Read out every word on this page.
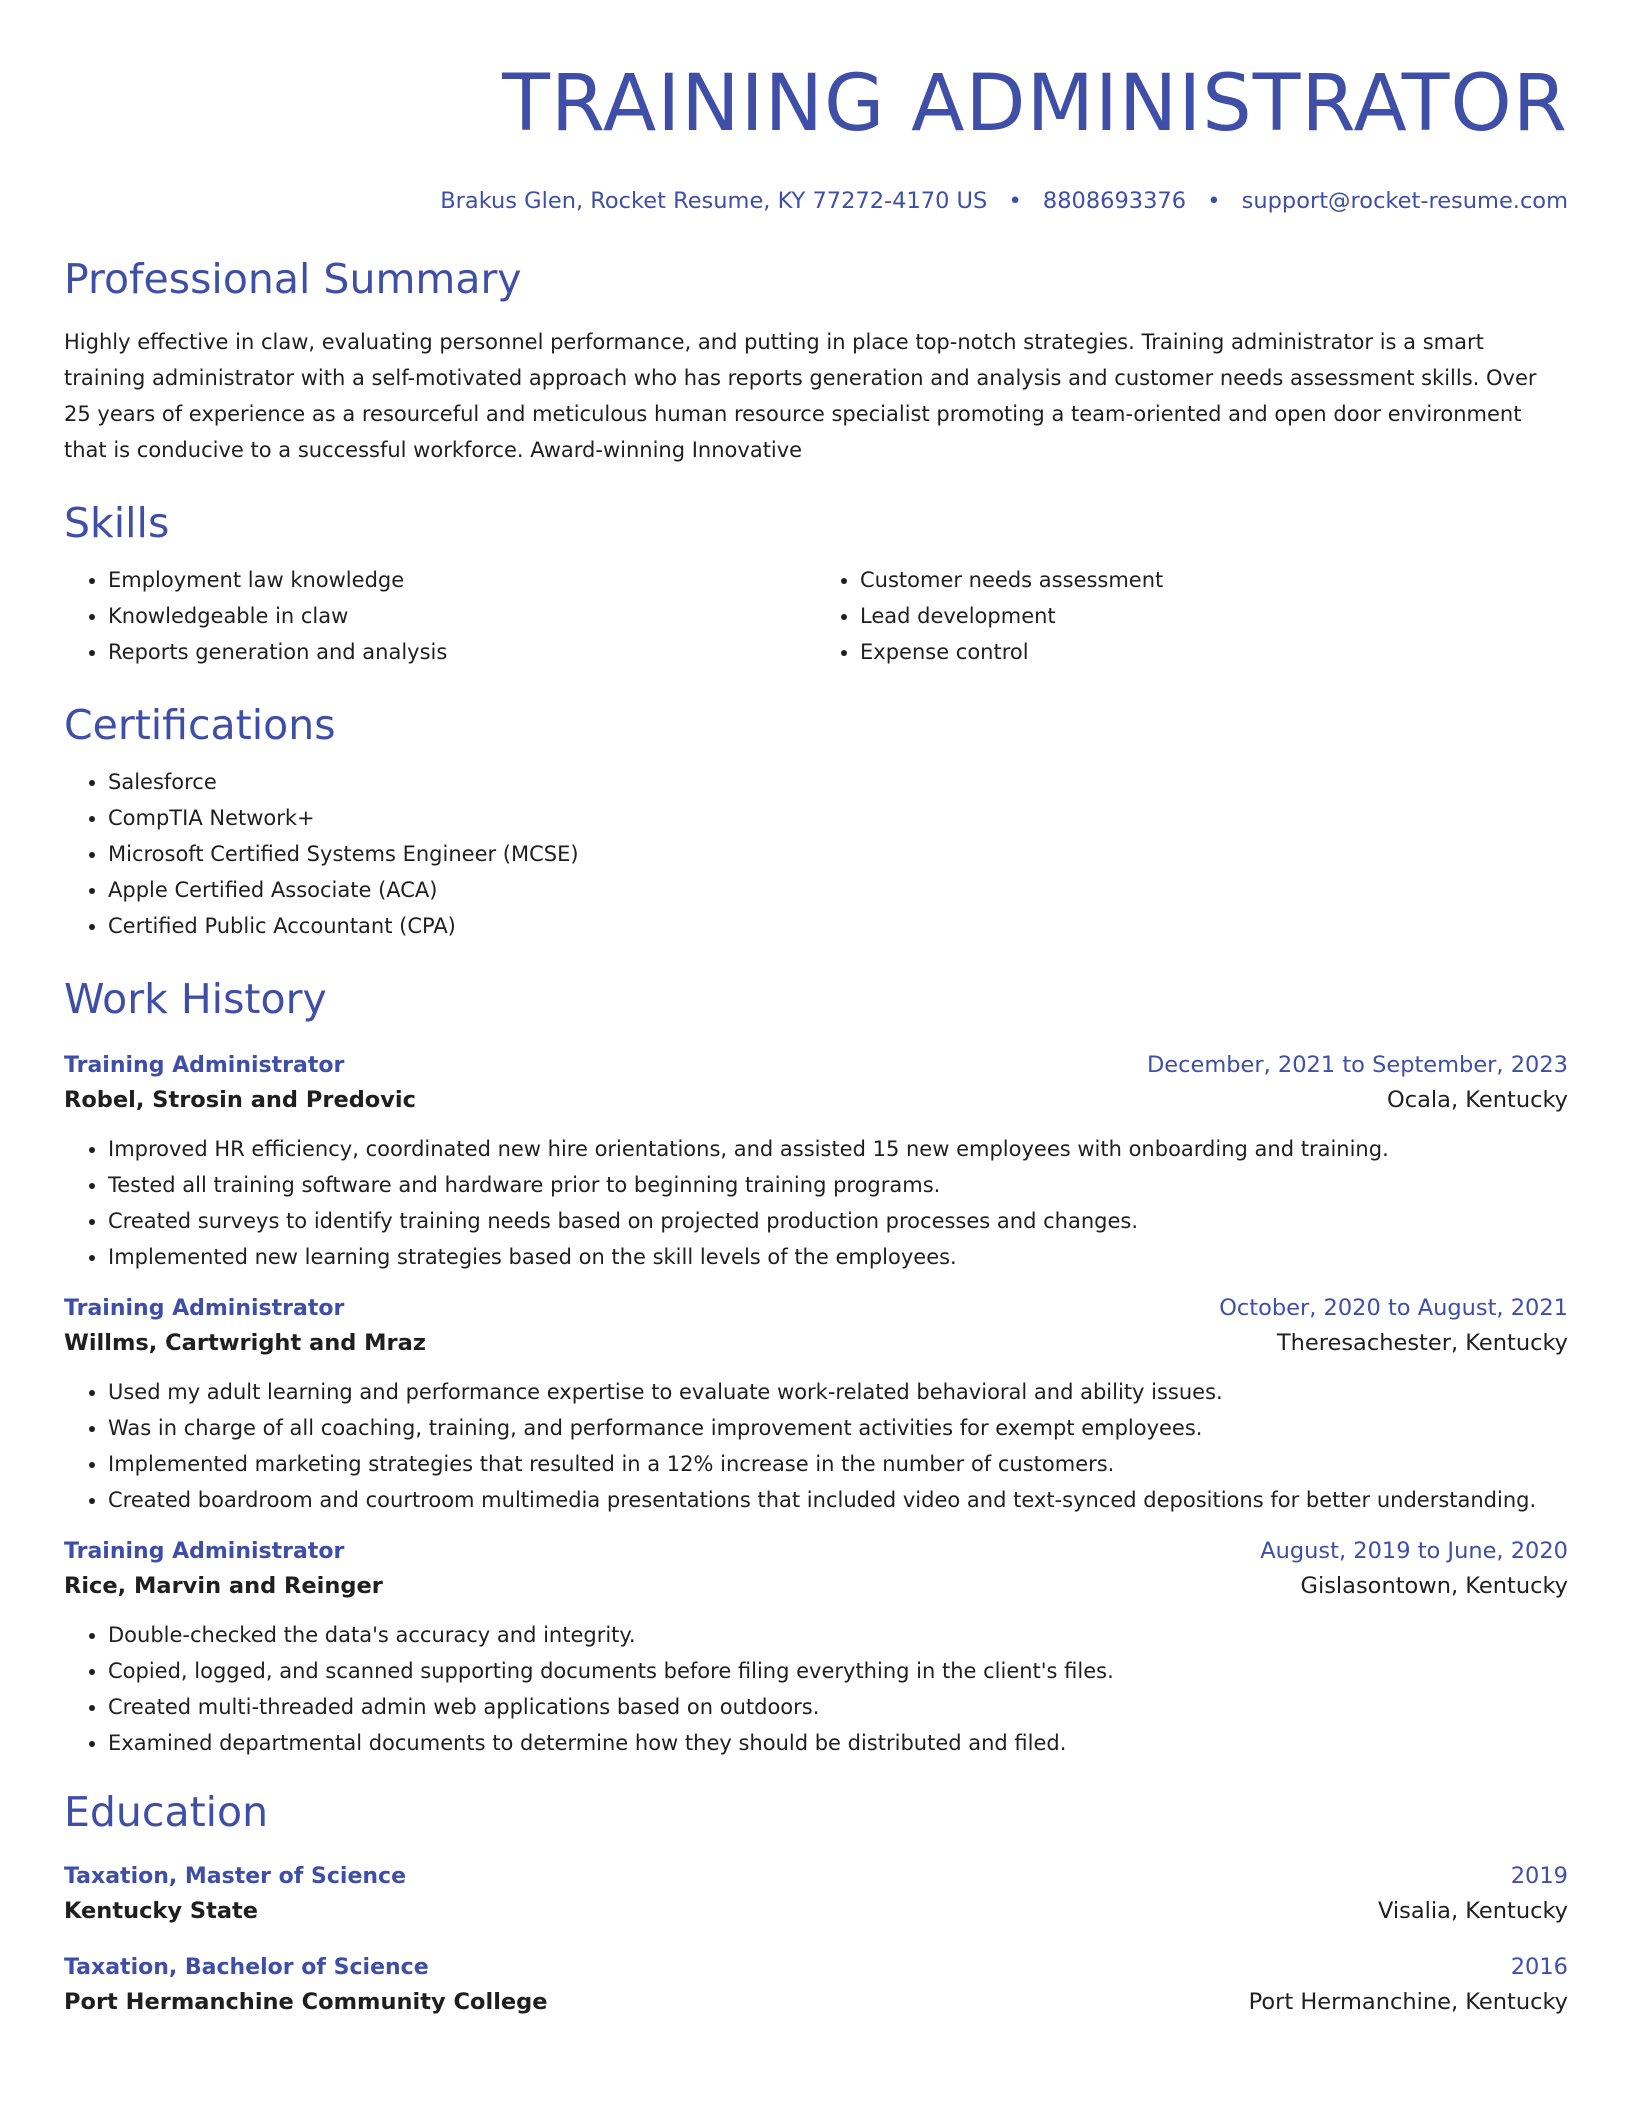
TRAINING ADMINISTRATOR
Brakus Glen, Rocket Resume, KY 77272-4170 US • 8808693376 • support@rocket-resume.com
Professional Summary

Highly effective in claw, evaluating personnel performance, and putting in place top-notch strategies. Training administrator is a smart training administrator with a self-motivated approach who has reports generation and analysis and customer needs assessment skills. Over 25 years of experience as a resourceful and meticulous human resource specialist promoting a team-oriented and open door environment that is conducive to a successful workforce. Award-winning Innovative

Skills
• Employment law knowledge
• Knowledgeable in claw
• Reports generation and analysis
• Customer needs assessment
• Lead development
• Expense control
Certifications
• Salesforce
• CompTIA Network+
• Microsoft Certified Systems Engineer (MCSE)
• Apple Certified Associate (ACA)
• Certified Public Accountant (CPA)
Work History
Training Administrator	December, 2021 to September, 2023
Robel, Strosin and Predovic	Ocala, Kentucky
• Improved HR efficiency, coordinated new hire orientations, and assisted 15 new employees with onboarding and training.
• Tested all training software and hardware prior to beginning training programs.
• Created surveys to identify training needs based on projected production processes and changes.
• Implemented new learning strategies based on the skill levels of the employees.
Training Administrator	October, 2020 to August, 2021
Willms, Cartwright and Mraz	Theresachester, Kentucky
• Used my adult learning and performance expertise to evaluate work-related behavioral and ability issues.
• Was in charge of all coaching, training, and performance improvement activities for exempt employees.
• Implemented marketing strategies that resulted in a 12% increase in the number of customers.
• Created boardroom and courtroom multimedia presentations that included video and text-synced depositions for better understanding.
Training Administrator	August, 2019 to June, 2020
Rice, Marvin and Reinger	Gislasontown, Kentucky
• Double-checked the data's accuracy and integrity.
• Copied, logged, and scanned supporting documents before filing everything in the client's files.
• Created multi-threaded admin web applications based on outdoors.
• Examined departmental documents to determine how they should be distributed and filed.
Education
Taxation, Master of Science	2019
Kentucky State	Visalia, Kentucky
Taxation, Bachelor of Science	2016
Port Hermanchine Community College	Port Hermanchine, Kentucky
